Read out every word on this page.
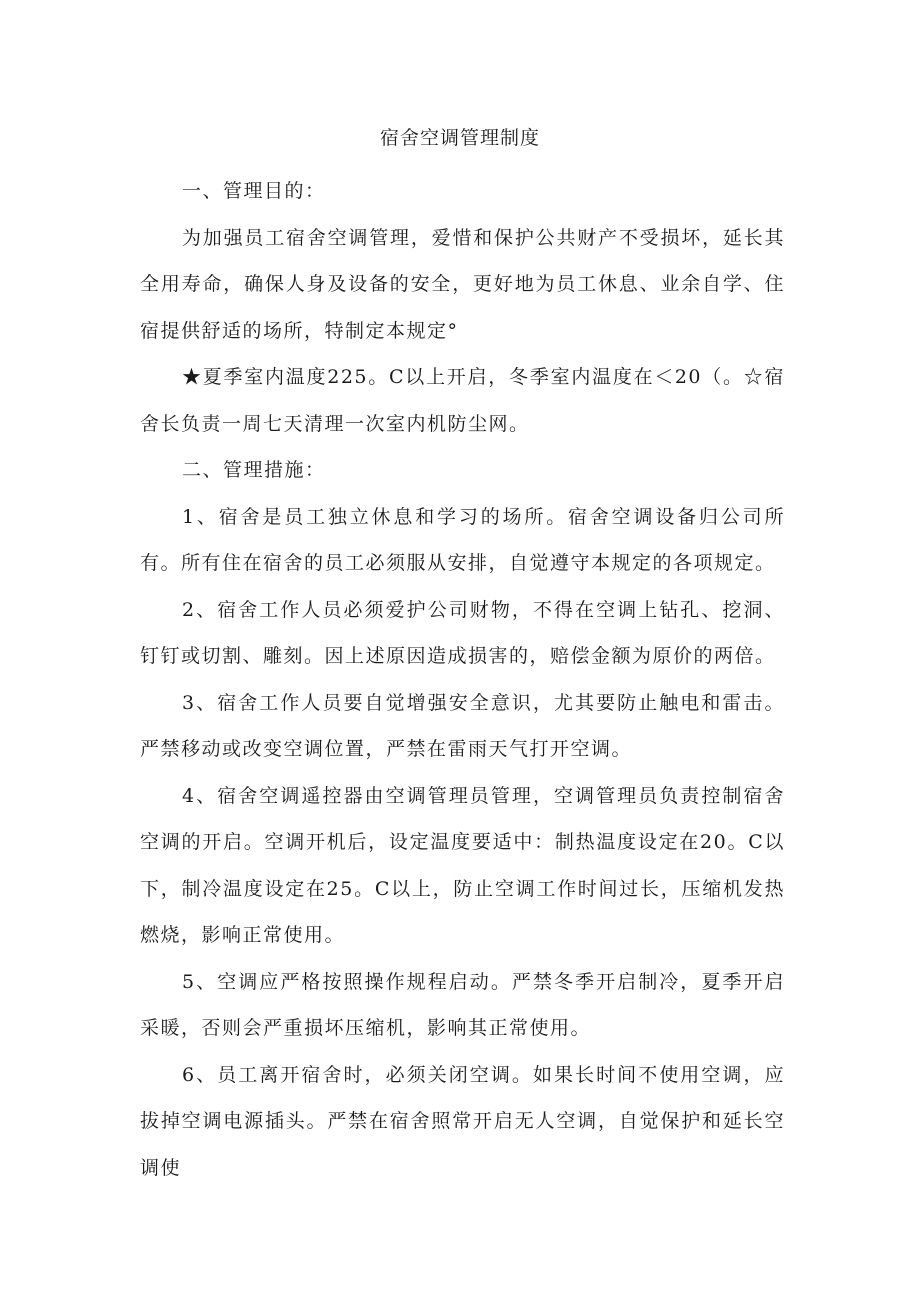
宿舍空调管理制度

一、管理目的：

为加强员工宿舍空调管理，爱惜和保护公共财产不受损坏，延长其全用寿命，确保人身及设备的安全，更好地为员工休息、业余自学、住宿提供舒适的场所，特制定本规定°

★夏季室内温度225。C以上开启，冬季室内温度在＜20（。☆宿舍长负责一周七天清理一次室内机防尘网。

二、管理措施：

1、宿舍是员工独立休息和学习的场所。宿舍空调设备归公司所有。所有住在宿舍的员工必须服从安排，自觉遵守本规定的各项规定。

2、宿舍工作人员必须爱护公司财物，不得在空调上钻孔、挖洞、钉钉或切割、雕刻。因上述原因造成损害的，赔偿金额为原价的两倍。

3、宿舍工作人员要自觉增强安全意识，尤其要防止触电和雷击。严禁移动或改变空调位置，严禁在雷雨天气打开空调。

4、宿舍空调遥控器由空调管理员管理，空调管理员负责控制宿舍空调的开启。空调开机后，设定温度要适中：制热温度设定在20。C以下，制冷温度设定在25。C以上，防止空调工作时间过长，压缩机发热燃烧，影响正常使用。

5、空调应严格按照操作规程启动。严禁冬季开启制冷，夏季开启采暖，否则会严重损坏压缩机，影响其正常使用。

6、员工离开宿舍时，必须关闭空调。如果长时间不使用空调，应拔掉空调电源插头。严禁在宿舍照常开启无人空调，自觉保护和延长空调使
